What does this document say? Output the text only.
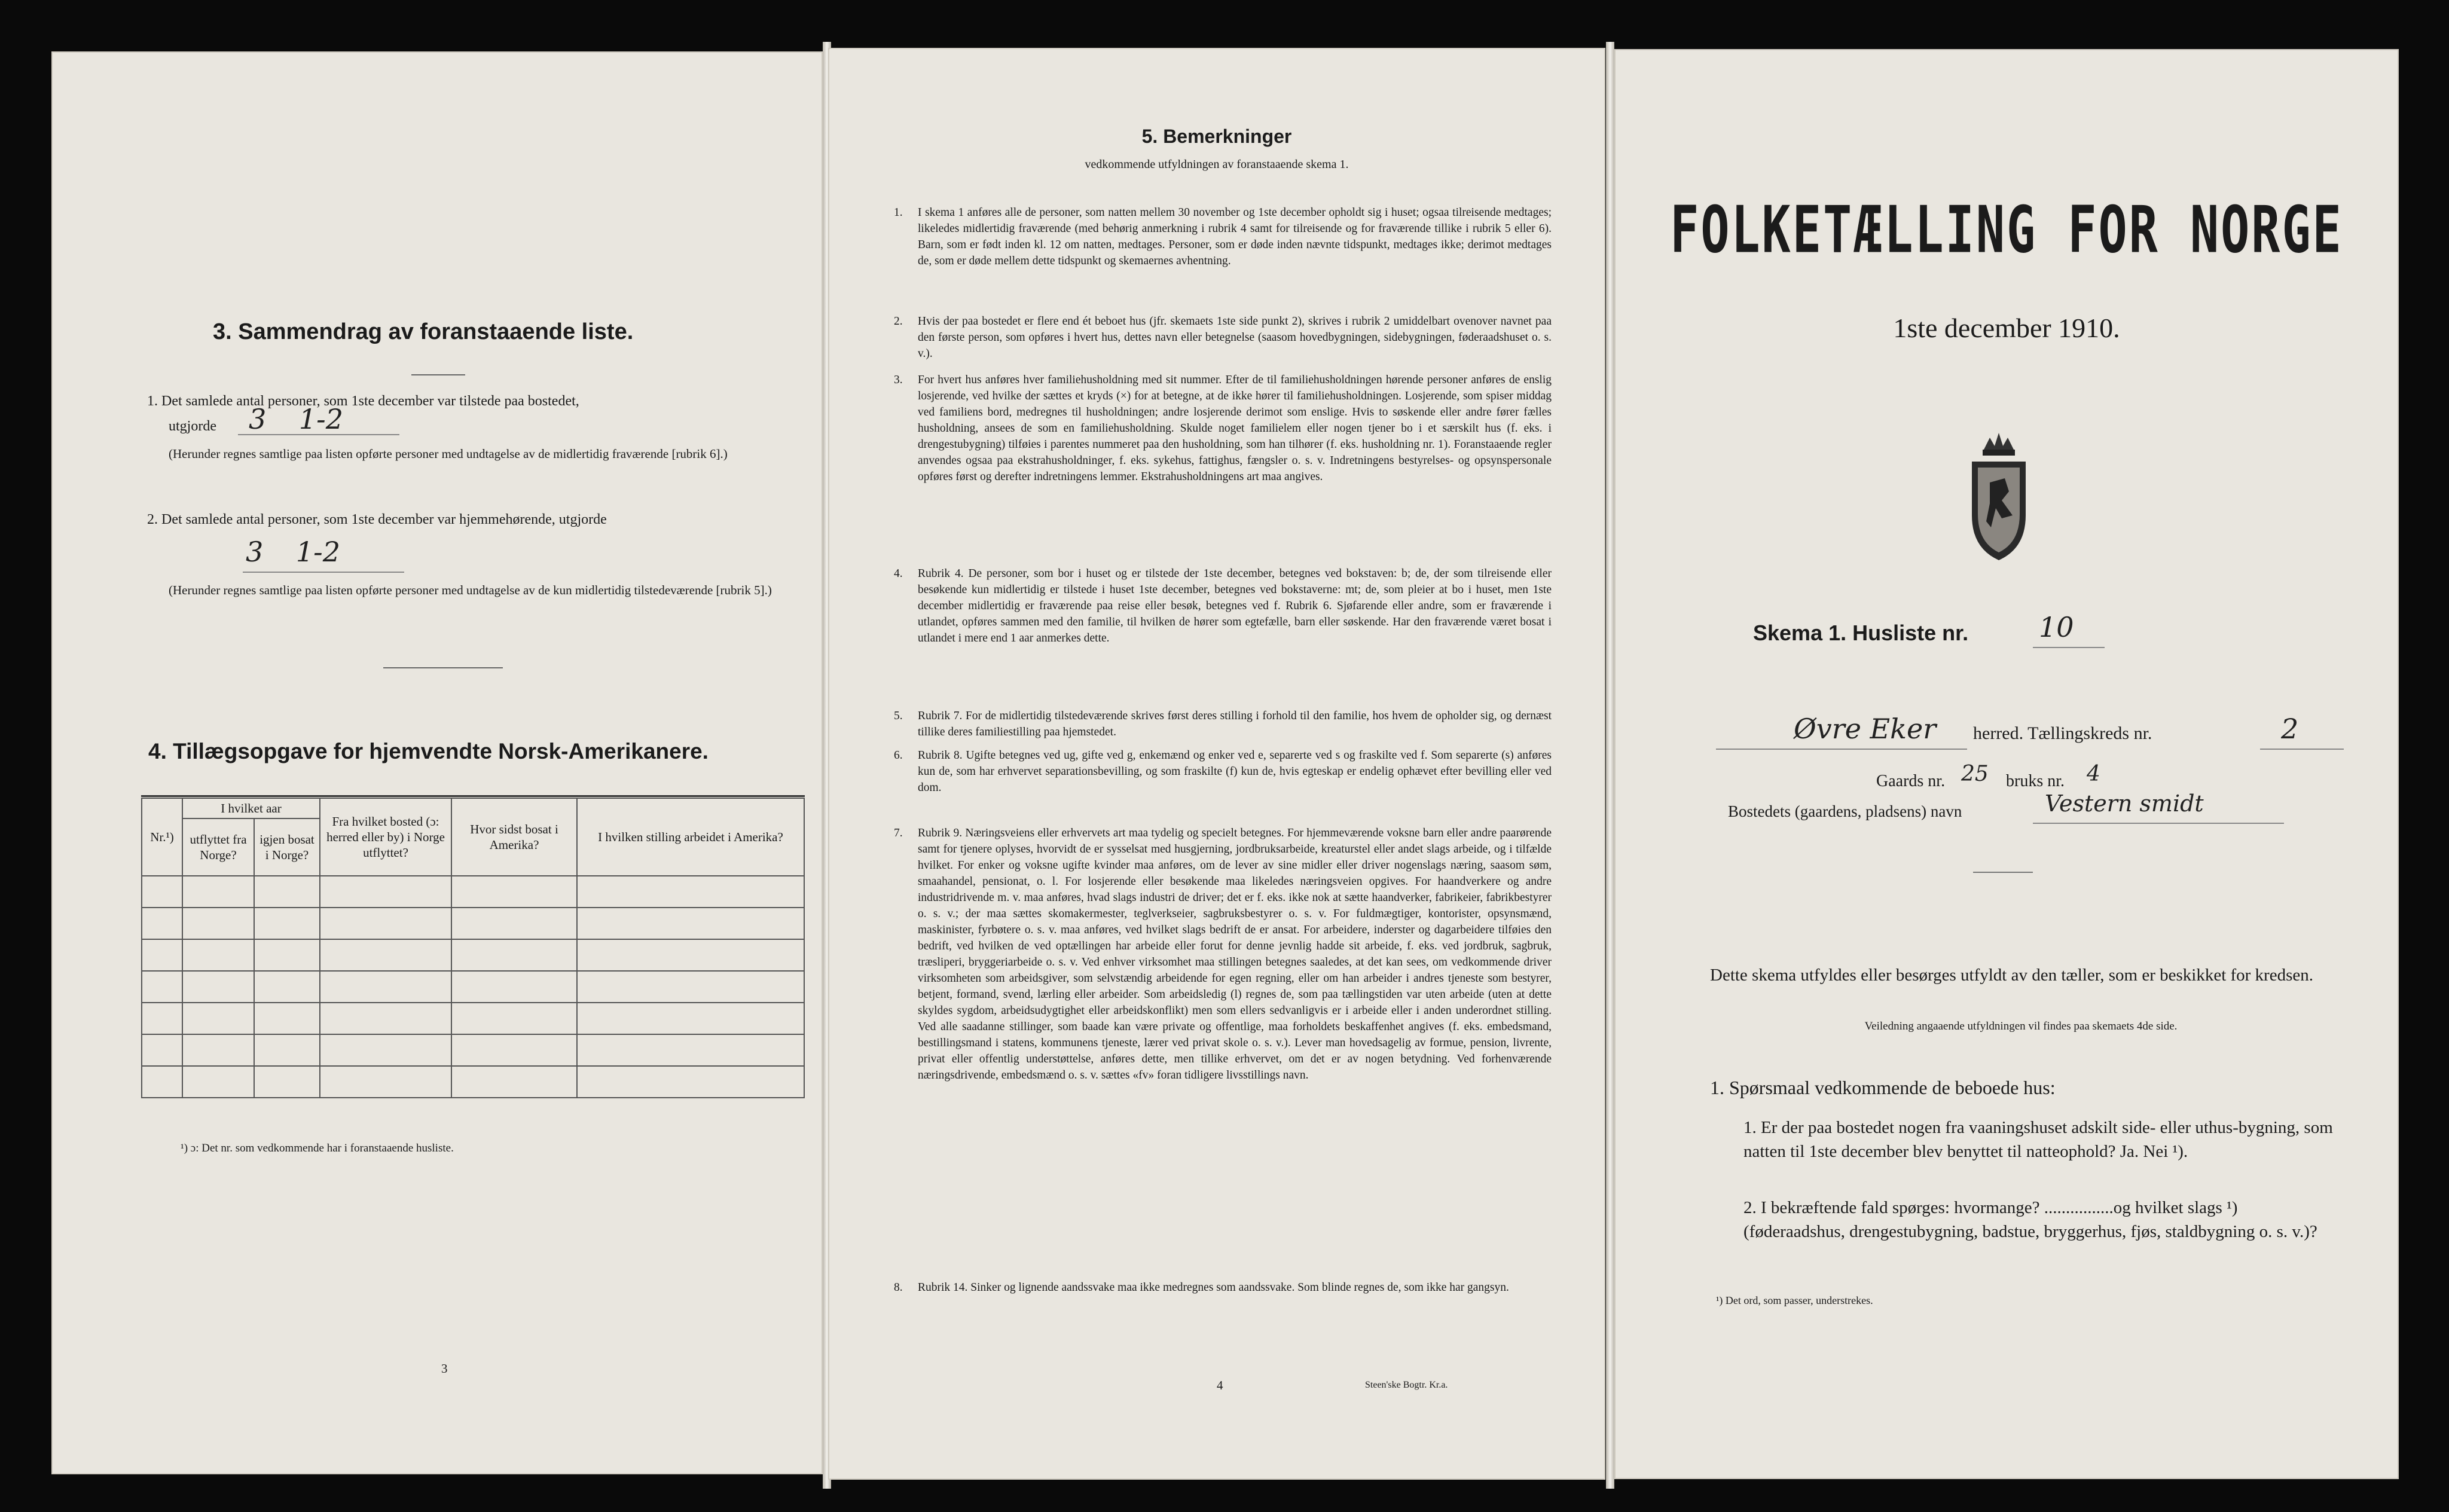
3. Sammendrag av foranstaaende liste.
1. Det samlede antal personer, som 1ste december var tilstede paa bostedet,
utgjorde 3 1-2
(Herunder regnes samtlige paa listen opførte personer med undtagelse av de midlertidig fraværende [rubrik 6].)
2. Det samlede antal personer, som 1ste december var hjemmehørende, utgjorde
3 1-2
(Herunder regnes samtlige paa listen opførte personer med undtagelse av de kun midlertidig tilstedeværende [rubrik 5].)
4. Tillægsopgave for hjemvendte Norsk-Amerikanere.
Nr.¹)	I hvilket aar		Fra hvilket bosted (ɔ: herred eller by) i Norge utflyttet?	Hvor sidst bosat i Amerika?	I hvilken stilling arbeidet i Amerika?
	utflyttet fra Norge?	igjen bosat i Norge?			

¹) ɔ: Det nr. som vedkommende har i foranstaaende husliste.
3
5. Bemerkninger
vedkommende utfyldningen av foranstaaende skema 1.
1. I skema 1 anføres alle de personer, som natten mellem 30 november og 1ste december opholdt sig i huset; ogsaa tilreisende medtages; likeledes midlertidig fraværende (med behørig anmerkning i rubrik 4 samt for tilreisende og for fraværende tillike i rubrik 5 eller 6). Barn, som er født inden kl. 12 om natten, medtages. Personer, som er døde inden nævnte tidspunkt, medtages ikke; derimot medtages de, som er døde mellem dette tidspunkt og skemaernes avhentning.
2. Hvis der paa bostedet er flere end ét beboet hus (jfr. skemaets 1ste side punkt 2), skrives i rubrik 2 umiddelbart ovenover navnet paa den første person, som opføres i hvert hus, dettes navn eller betegnelse (saasom hovedbygningen, sidebygningen, føderaadshuset o. s. v.).
3. For hvert hus anføres hver familiehusholdning med sit nummer. Efter de til familiehusholdningen hørende personer anføres de enslig losjerende, ved hvilke der sættes et kryds (×) for at betegne, at de ikke hører til familiehusholdningen. Losjerende, som spiser middag ved familiens bord, medregnes til husholdningen; andre losjerende derimot som enslige. Hvis to søskende eller andre fører fælles husholdning, ansees de som en familiehusholdning. Skulde noget familielem eller nogen tjener bo i et særskilt hus (f. eks. i drengestubygning) tilføies i parentes nummeret paa den husholdning, som han tilhører (f. eks. husholdning nr. 1). Foranstaaende regler anvendes ogsaa paa ekstrahusholdninger, f. eks. sykehus, fattighus, fængsler o. s. v. Indretningens bestyrelses- og opsynspersonale opføres først og derefter indretningens lemmer. Ekstrahusholdningens art maa angives.
4. Rubrik 4. De personer, som bor i huset og er tilstede der 1ste december, betegnes ved bokstaven: b; de, der som tilreisende eller besøkende kun midlertidig er tilstede i huset 1ste december, betegnes ved bokstaverne: mt; de, som pleier at bo i huset, men 1ste december midlertidig er fraværende paa reise eller besøk, betegnes ved f. Rubrik 6. Sjøfarende eller andre, som er fraværende i utlandet, opføres sammen med den familie, til hvilken de hører som egtefælle, barn eller søskende. Har den fraværende været bosat i utlandet i mere end 1 aar anmerkes dette.
5. Rubrik 7. For de midlertidig tilstedeværende skrives først deres stilling i forhold til den familie, hos hvem de opholder sig, og dernæst tillike deres familiestilling paa hjemstedet.
6. Rubrik 8. Ugifte betegnes ved ug, gifte ved g, enkemænd og enker ved e, separerte ved s og fraskilte ved f. Som separerte (s) anføres kun de, som har erhvervet separationsbevilling, og som fraskilte (f) kun de, hvis egteskap er endelig ophævet efter bevilling eller ved dom.
7. Rubrik 9. Næringsveiens eller erhvervets art maa tydelig og specielt betegnes. For hjemmeværende voksne barn eller andre paarørende samt for tjenere oplyses, hvorvidt de er sysselsat med husgjerning, jordbruksarbeide, kreaturstel eller andet slags arbeide, og i tilfælde hvilket. For enker og voksne ugifte kvinder maa anføres, om de lever av sine midler eller driver nogenslags næring, saasom søm, smaahandel, pensionat, o. l. For losjerende eller besøkende maa likeledes næringsveien opgives. For haandverkere og andre industridrivende m. v. maa anføres, hvad slags industri de driver; det er f. eks. ikke nok at sætte haandverker, fabrikeier, fabrikbestyrer o. s. v.; der maa sættes skomakermester, teglverkseier, sagbruksbestyrer o. s. v. For fuldmægtiger, kontorister, opsynsmænd, maskinister, fyrbøtere o. s. v. maa anføres, ved hvilket slags bedrift de er ansat. For arbeidere, inderster og dagarbeidere tilføies den bedrift, ved hvilken de ved optællingen har arbeide eller forut for denne jevnlig hadde sit arbeide, f. eks. ved jordbruk, sagbruk, træsliperi, bryggeriarbeide o. s. v. Ved enhver virksomhet maa stillingen betegnes saaledes, at det kan sees, om vedkommende driver virksomheten som arbeidsgiver, som selvstændig arbeidende for egen regning, eller om han arbeider i andres tjeneste som bestyrer, betjent, formand, svend, lærling eller arbeider. Som arbeidsledig (l) regnes de, som paa tællingstiden var uten arbeide (uten at dette skyldes sygdom, arbeidsudygtighet eller arbeidskonflikt) men som ellers sedvanligvis er i arbeide eller i anden underordnet stilling. Ved alle saadanne stillinger, som baade kan være private og offentlige, maa forholdets beskaffenhet angives (f. eks. embedsmand, bestillingsmand i statens, kommunens tjeneste, lærer ved privat skole o. s. v.). Lever man hovedsagelig av formue, pension, livrente, privat eller offentlig understøttelse, anføres dette, men tillike erhvervet, om det er av nogen betydning. Ved forhenværende næringsdrivende, embedsmænd o. s. v. sættes «fv» foran tidligere livsstillings navn.
8. Rubrik 14. Sinker og lignende aandssvake maa ikke medregnes som aandssvake. Som blinde regnes de, som ikke har gangsyn.
4	Steen'ske Bogtr. Kr.a.
FOLKETÆLLING FOR NORGE
1ste december 1910.
Skema 1. Husliste nr.	10
Øvre Eker herred. Tællingskreds nr.	2
Gaards nr. 25 bruks nr. 4
Bostedets (gaardens, pladsens) navn	Vestern smidt
Dette skema utfyldes eller besørges utfyldt av den tæller, som er beskikket for kredsen.
Veiledning angaaende utfyldningen vil findes paa skemaets 4de side.
1. Spørsmaal vedkommende de beboede hus:
1. Er der paa bostedet nogen fra vaaningshuset adskilt side- eller uthus-bygning, som natten til 1ste december blev benyttet til natteophold? Ja. Nei ¹).
2. I bekræftende fald spørges: hvormange? ................og hvilket slags ¹) (føderaadshus, drengestubygning, badstue, bryggerhus, fjøs, staldbygning o. s. v.)?
¹) Det ord, som passer, understrekes.
